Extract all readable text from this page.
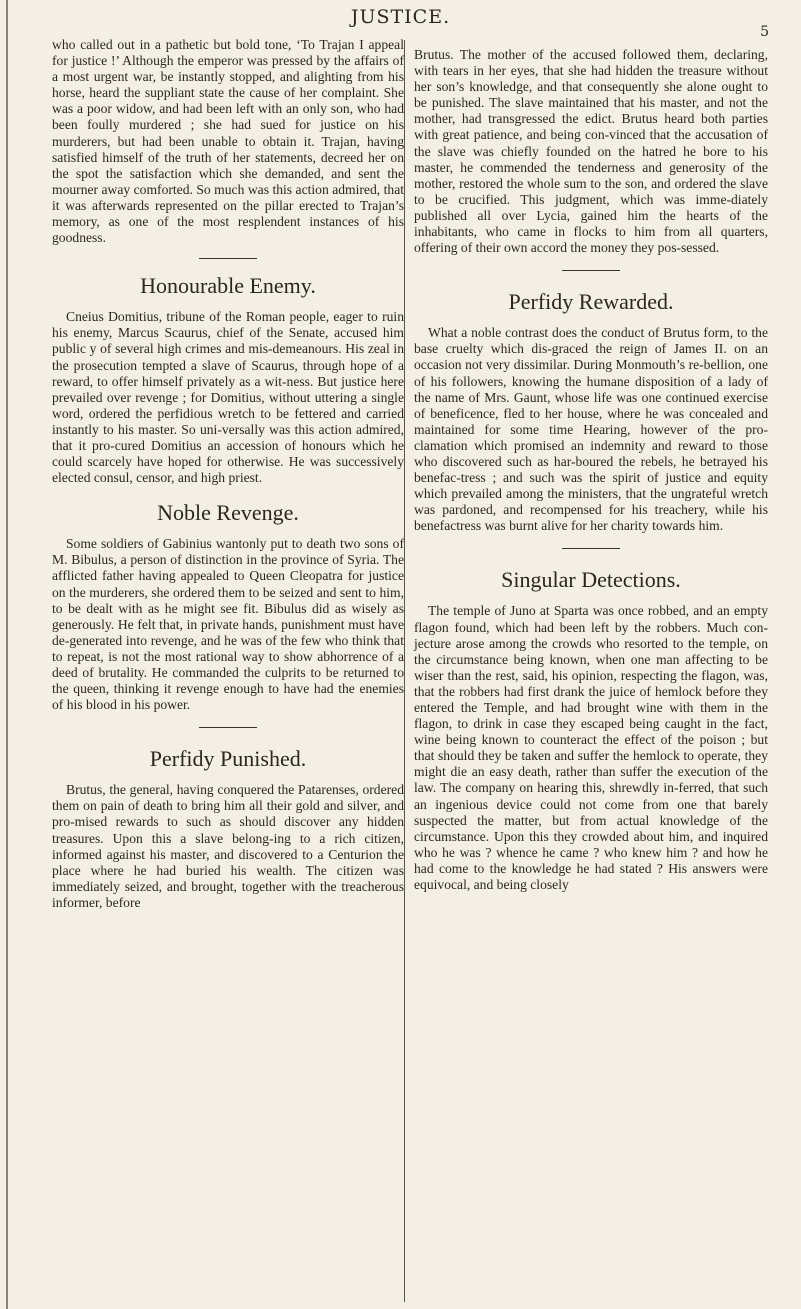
JUSTICE.
5

who called out in a pathetic but bold tone, ‘To Trajan I appeal for justice !’ Although the emperor was pressed by the affairs of a most urgent war, be instantly stopped, and alighting from his horse, heard the suppliant state the cause of her complaint. She was a poor widow, and had been left with an only son, who had been foully murdered ; she had sued for justice on his murderers, but had been unable to obtain it. Trajan, having satisfied himself of the truth of her statements, decreed her on the spot the satisfaction which she demanded, and sent the mourner away comforted. So much was this action admired, that it was afterwards represented on the pillar erected to Trajan’s memory, as one of the most resplendent instances of his goodness.

Honourable Enemy.

Cneius Domitius, tribune of the Roman people, eager to ruin his enemy, Marcus Scaurus, chief of the Senate, accused him public y of several high crimes and mis-demeanours. His zeal in the prosecution tempted a slave of Scaurus, through hope of a reward, to offer himself privately as a wit-ness. But justice here prevailed over revenge ; for Domitius, without uttering a single word, ordered the perfidious wretch to be fettered and carried instantly to his master. So uni-versally was this action admired, that it pro-cured Domitius an accession of honours which he could scarcely have hoped for otherwise. He was successively elected consul, censor, and high priest.

Noble Revenge.

Some soldiers of Gabinius wantonly put to death two sons of M. Bibulus, a person of distinction in the province of Syria. The afflicted father having appealed to Queen Cleopatra for justice on the murderers, she ordered them to be seized and sent to him, to be dealt with as he might see fit. Bibulus did as wisely as generously. He felt that, in private hands, punishment must have de-generated into revenge, and he was of the few who think that to repeat, is not the most rational way to show abhorrence of a deed of brutality. He commanded the culprits to be returned to the queen, thinking it revenge enough to have had the enemies of his blood in his power.

Perfidy Punished.

Brutus, the general, having conquered the Patarenses, ordered them on pain of death to bring him all their gold and silver, and pro-mised rewards to such as should discover any hidden treasures. Upon this a slave belong-ing to a rich citizen, informed against his master, and discovered to a Centurion the place where he had buried his wealth. The citizen was immediately seized, and brought, together with the treacherous informer, before

Brutus. The mother of the accused followed them, declaring, with tears in her eyes, that she had hidden the treasure without her son’s knowledge, and that consequently she alone ought to be punished. The slave maintained that his master, and not the mother, had transgressed the edict. Brutus heard both parties with great patience, and being con-vinced that the accusation of the slave was chiefly founded on the hatred he bore to his master, he commended the tenderness and generosity of the mother, restored the whole sum to the son, and ordered the slave to be crucified. This judgment, which was imme-diately published all over Lycia, gained him the hearts of the inhabitants, who came in flocks to him from all quarters, offering of their own accord the money they pos-sessed.

Perfidy Rewarded.

What a noble contrast does the conduct of Brutus form, to the base cruelty which dis-graced the reign of James II. on an occasion not very dissimilar. During Monmouth’s re-bellion, one of his followers, knowing the humane disposition of a lady of the name of Mrs. Gaunt, whose life was one continued exercise of beneficence, fled to her house, where he was concealed and maintained for some time Hearing, however of the pro-clamation which promised an indemnity and reward to those who discovered such as har-boured the rebels, he betrayed his benefac-tress ; and such was the spirit of justice and equity which prevailed among the ministers, that the ungrateful wretch was pardoned, and recompensed for his treachery, while his benefactress was burnt alive for her charity towards him.

Singular Detections.

The temple of Juno at Sparta was once robbed, and an empty flagon found, which had been left by the robbers. Much con-jecture arose among the crowds who resorted to the temple, on the circumstance being known, when one man affecting to be wiser than the rest, said, his opinion, respecting the flagon, was, that the robbers had first drank the juice of hemlock before they entered the Temple, and had brought wine with them in the flagon, to drink in case they escaped being caught in the fact, wine being known to counteract the effect of the poison ; but that should they be taken and suffer the hemlock to operate, they might die an easy death, rather than suffer the execution of the law. The company on hearing this, shrewdly in-ferred, that such an ingenious device could not come from one that barely suspected the matter, but from actual knowledge of the circumstance. Upon this they crowded about him, and inquired who he was ? whence he came ? who knew him ? and how he had come to the knowledge he had stated ? His answers were equivocal, and being closely
